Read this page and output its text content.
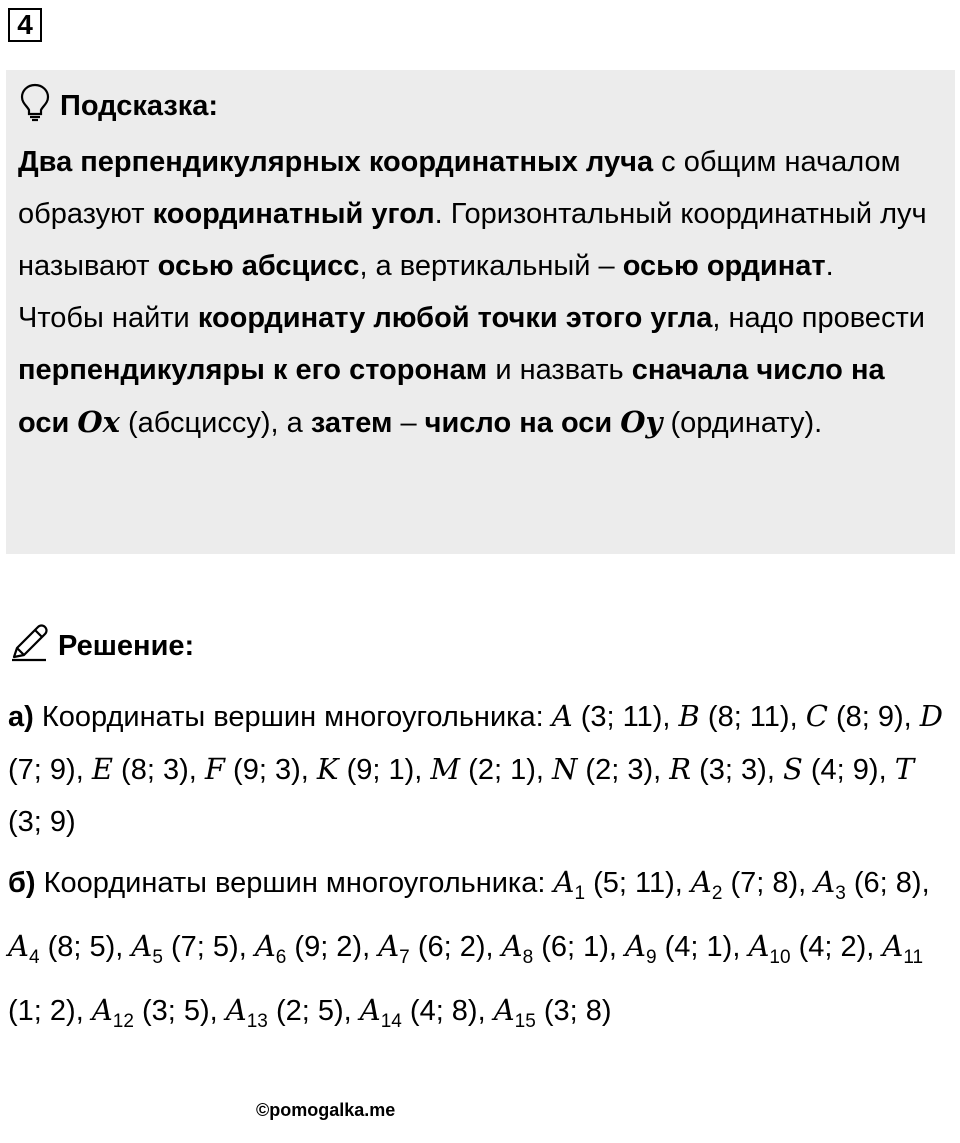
4
Подсказка:

Два перпендикулярных координатных луча с общим началом образуют координатный угол. Горизонтальный координатный луч называют осью абсцисс, а вертикальный – осью ординат.

Чтобы найти координату любой точки этого угла, надо провести перпендикуляры к его сторонам и назвать сначала число на оси Ox (абсциссу), а затем – число на оси Oy (ординату).

Решение:

а) Координаты вершин многоугольника: A (3; 11), B (8; 11), C (8; 9), D (7; 9), E (8; 3), F (9; 3), K (9; 1), M (2; 1), N (2; 3), R (3; 3), S (4; 9), T (3; 9)

б) Координаты вершин многоугольника: $A_1$ (5; 11), $A_2$ (7; 8), $A_3$ (6; 8), $A_4$ (8; 5), $A_5$ (7; 5), $A_6$ (9; 2), $A_7$ (6; 2), $A_8$ (6; 1), $A_9$ (4; 1), $A_{10}$ (4; 2), $A_{11}$ (1; 2), $A_{12}$ (3; 5), $A_{13}$ (2; 5), $A_{14}$ (4; 8), $A_{15}$ (3; 8)

©pomogalka.me
